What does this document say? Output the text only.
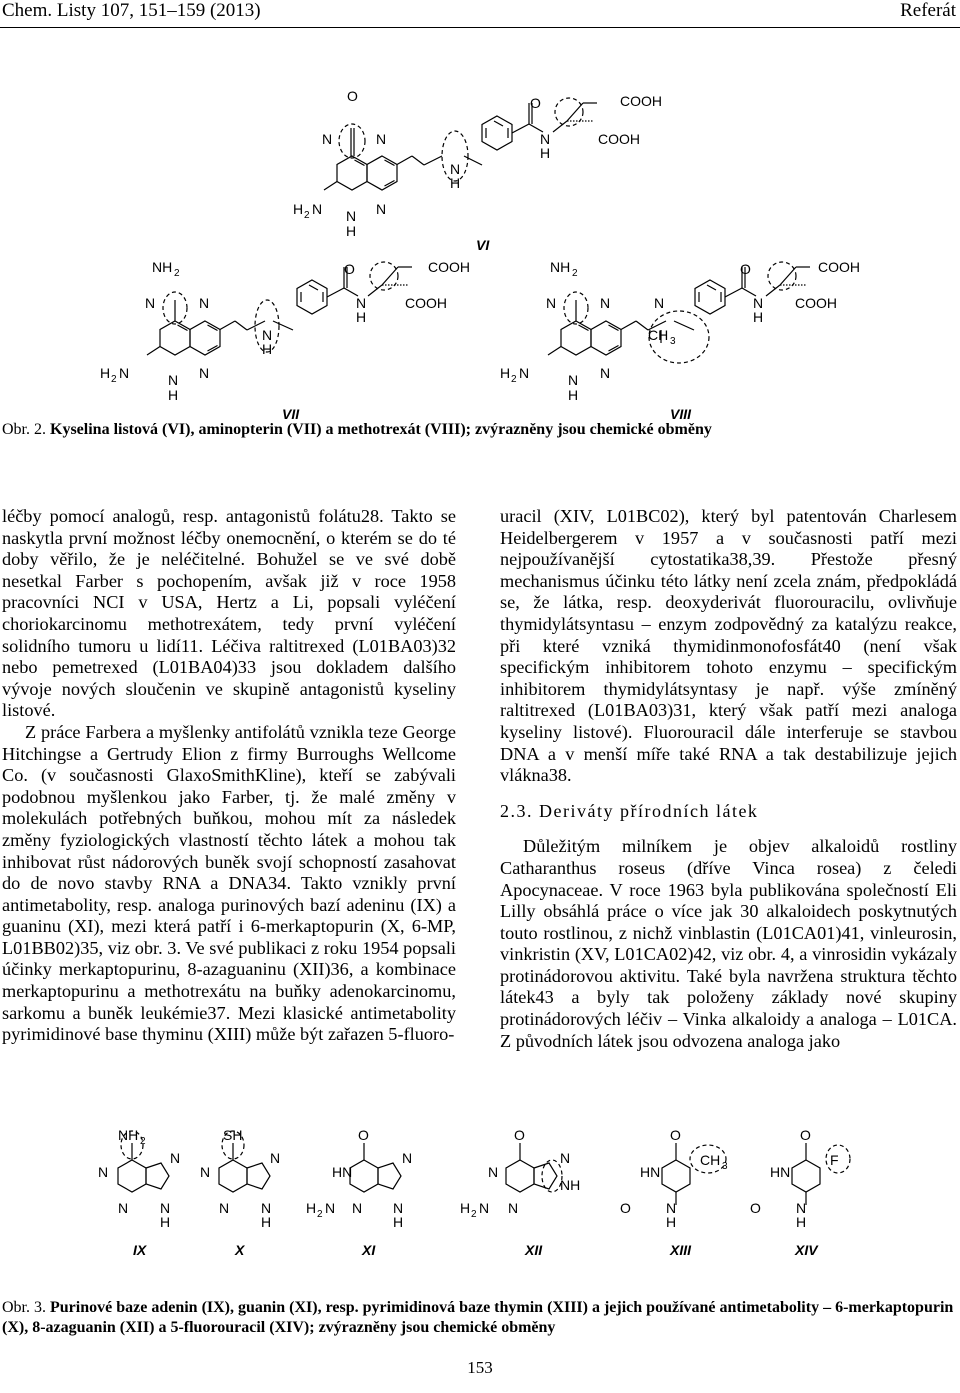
Chem. Listy 107, 151–159 (2013)	Referát
O
N	N
H 2 N N
H
N
N
H
O
N
H
COOH
COOH
VI
NH 2
N	N
H 2 N	N
H
N
N
H
O
N
H
COOH
COOH
VII
NH 2
N	N
H 2 N	N
H
N
N
CH 3
O
N
H
COOH
COOH
VIII
Obr. 2. Kyselina listová (VI), aminopterin (VII) a methotrexát (VIII); zvýrazněny jsou chemické obměny

léčby pomocí analogů, resp. antagonistů folátu28. Takto se naskytla první možnost léčby onemocnění, o kterém se do té doby věřilo, že je neléčitelné. Bohužel se ve své době nesetkal Farber s pochopením, avšak již v roce 1958 pracovníci NCI v USA, Hertz a Li, popsali vyléčení choriokarcinomu methotrexátem, tedy první vyléčení solidního tumoru u lidí11. Léčiva raltitrexed (L01BA03)32 nebo pemetrexed (L01BA04)33 jsou dokladem dalšího vývoje nových sloučenin ve skupině antagonistů kyseliny listové.

Z práce Farbera a myšlenky antifolátů vznikla teze George Hitchingse a Gertrudy Elion z firmy Burroughs Wellcome Co. (v současnosti GlaxoSmithKline), kteří se zabývali podobnou myšlenkou jako Farber, tj. že malé změny v molekulách potřebných buňkou, mohou mít za následek změny fyziologických vlastností těchto látek a mohou tak inhibovat růst nádorových buněk svojí schopností zasahovat do de novo stavby RNA a DNA34. Takto vznikly první antimetabolity, resp. analoga purinových bazí adeninu (IX) a guaninu (XI), mezi která patří i 6-merkaptopurin (X, 6-MP, L01BB02)35, viz obr. 3. Ve své publikaci z roku 1954 popsali účinky merkaptopurinu, 8-azaguaninu (XII)36, a kombinace merkaptopurinu a methotrexátu na buňky adenokarcinomu, sarkomu a buněk leukémie37. Mezi klasické antimetabolity pyrimidinové base thyminu (XIII) může být zařazen 5-fluoro-

uracil (XIV, L01BC02), který byl patentován Charlesem Heidelbergerem v 1957 a v současnosti patří mezi nejpoužívanější cytostatika38,39. Přestože přesný mechanismus účinku této látky není zcela znám, předpokládá se, že látka, resp. deoxyderivát fluorouracilu, ovlivňuje thymidylátsyntasu – enzym zodpovědný za katalýzu reakce, při které vzniká thymidinmonofosfát40 (není však specifickým inhibitorem tohoto enzymu – specifickým inhibitorem thymidylátsyntasy je např. výše zmíněný raltitrexed (L01BA03)31, který však patří mezi analoga kyseliny listové). Fluorouracil dále interferuje se stavbou DNA a v menší míře také RNA a tak destabilizuje jejich vlákna38.

2.3. Deriváty přírodních látek

Důležitým milníkem je objev alkaloidů rostliny Catharanthus roseus (dříve Vinca rosea) z čeledi Apocynaceae. V roce 1963 byla publikována společností Eli Lilly obsáhlá práce o více jak 30 alkaloidech poskytnutých touto rostlinou, z nichž vinblastin (L01CA01)41, vinleurosin, vinkristin (XV, L01CA02)42, viz obr. 4, a vinrosidin vykázaly protinádorovou aktivitu. Také byla navržena struktura těchto látek43 a byly tak položeny základy nové skupiny protinádorových léčiv – Vinka alkaloidy a analoga – L01CA. Z původních látek jsou odvozena analoga jako

NH 2
N
N
N N
H
SH
N
N
N N
H
O
HN
N
H 2 N N N
H
O
N
N
NH
H 2 N N
O
HN
CH 3
O	N
H
O
HN
F
O	N
H
IX	X	XI	XII	XIII	XIV
Obr. 3. Purinové baze adenin (IX), guanin (XI), resp. pyrimidinová baze thymin (XIII) a jejich používané antimetabolity – 6-merkaptopurin (X), 8-azaguanin (XII) a 5-fluorouracil (XIV); zvýrazněny jsou chemické obměny
153
